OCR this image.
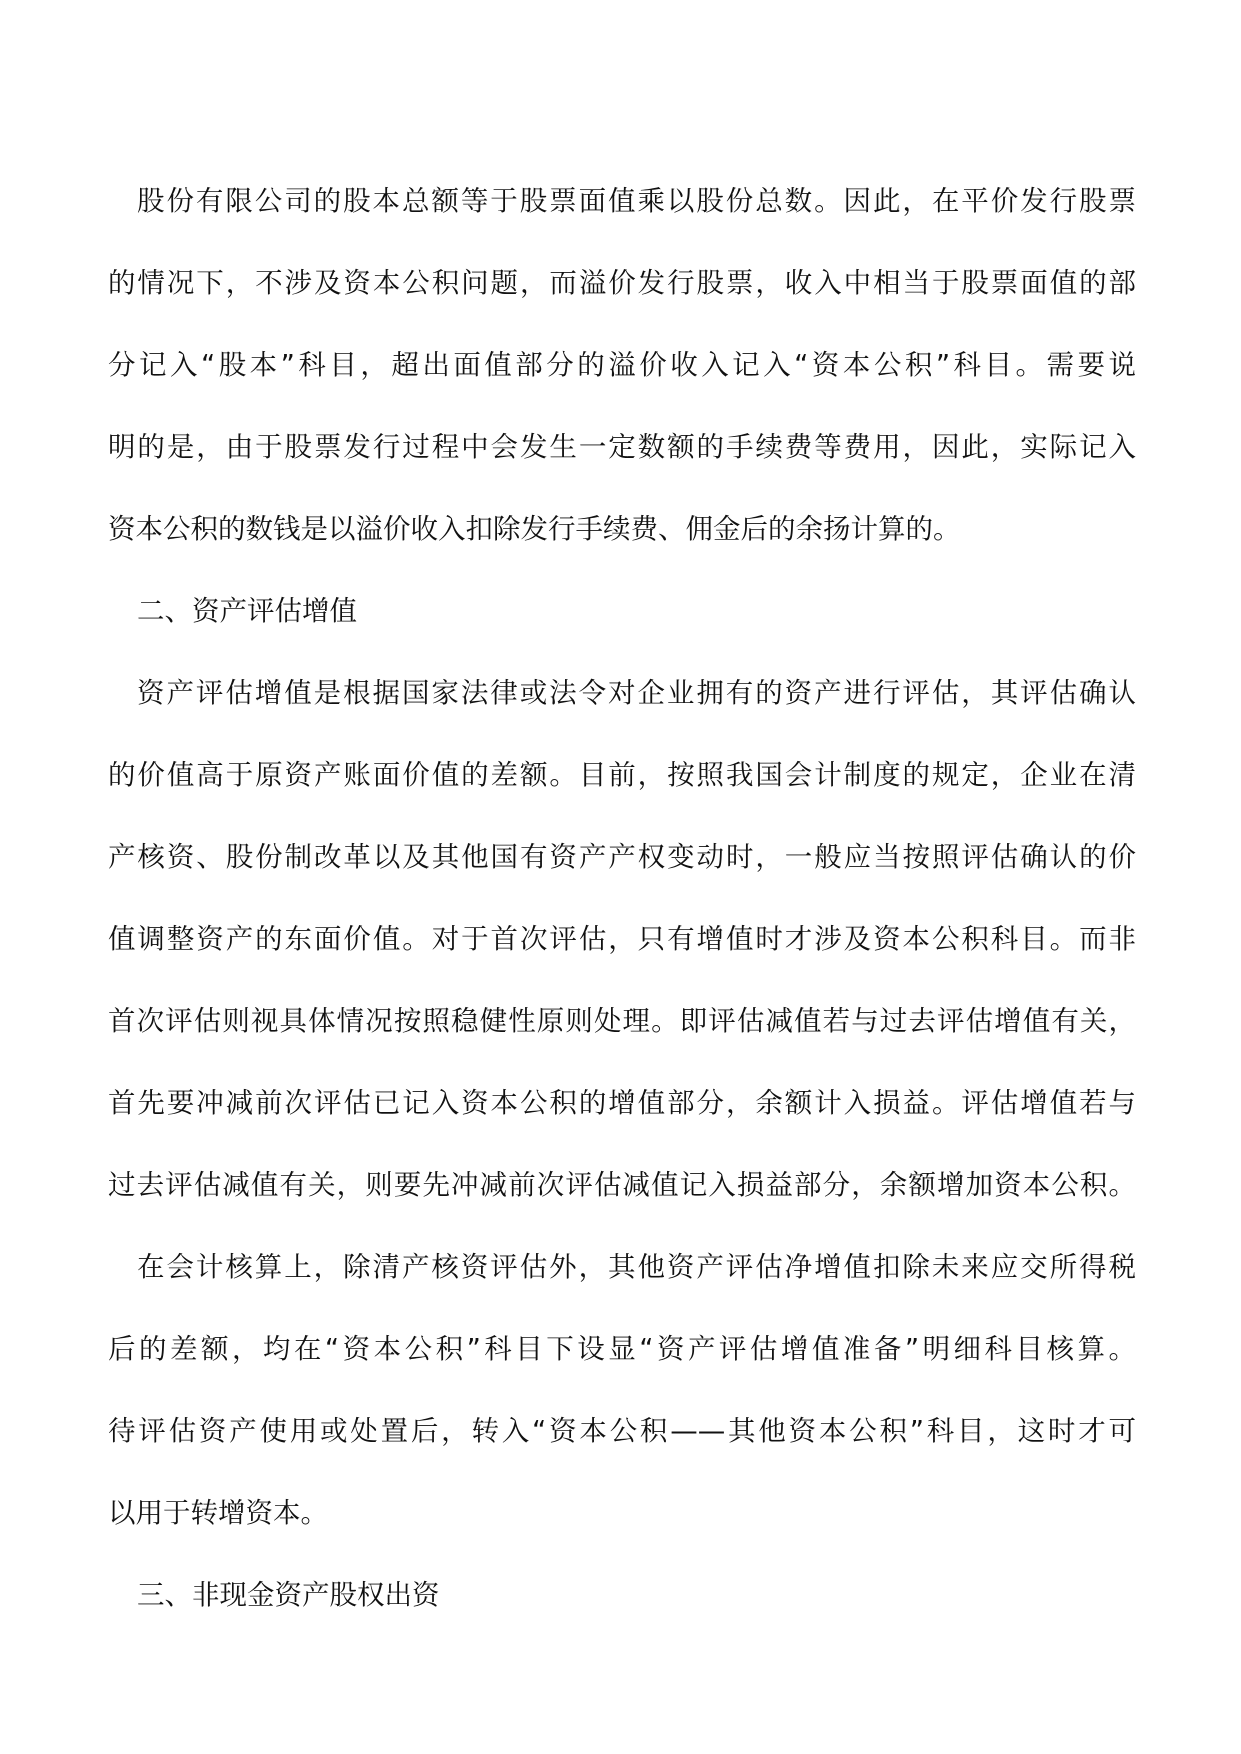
股份有限公司的股本总额等于股票面值乘以股份总数。因此，在平价发行股票
的情况下，不涉及资本公积问题，而溢价发行股票，收入中相当于股票面值的部
分记入“股本”科目，超出面值部分的溢价收入记入“资本公积”科目。需要说
明的是，由于股票发行过程中会发生一定数额的手续费等费用，因此，实际记入
资本公积的数钱是以溢价收入扣除发行手续费、佣金后的余扬计算的。
二、资产评估增值
资产评估增值是根据国家法律或法令对企业拥有的资产进行评估，其评估确认
的价值高于原资产账面价值的差额。目前，按照我国会计制度的规定，企业在清
产核资、股份制改革以及其他国有资产产权变动时，一般应当按照评估确认的价
值调整资产的东面价值。对于首次评估，只有增值时才涉及资本公积科目。而非
首次评估则视具体情况按照稳健性原则处理。即评估减值若与过去评估增值有关，
首先要冲减前次评估已记入资本公积的增值部分，余额计入损益。评估增值若与
过去评估减值有关，则要先冲减前次评估减值记入损益部分，余额增加资本公积。
在会计核算上，除清产核资评估外，其他资产评估净增值扣除未来应交所得税
后的差额，均在“资本公积”科目下设显“资产评估增值准备”明细科目核算。
待评估资产使用或处置后，转入“资本公积——其他资本公积”科目，这时才可
以用于转增资本。
三、非现金资产股权出资
